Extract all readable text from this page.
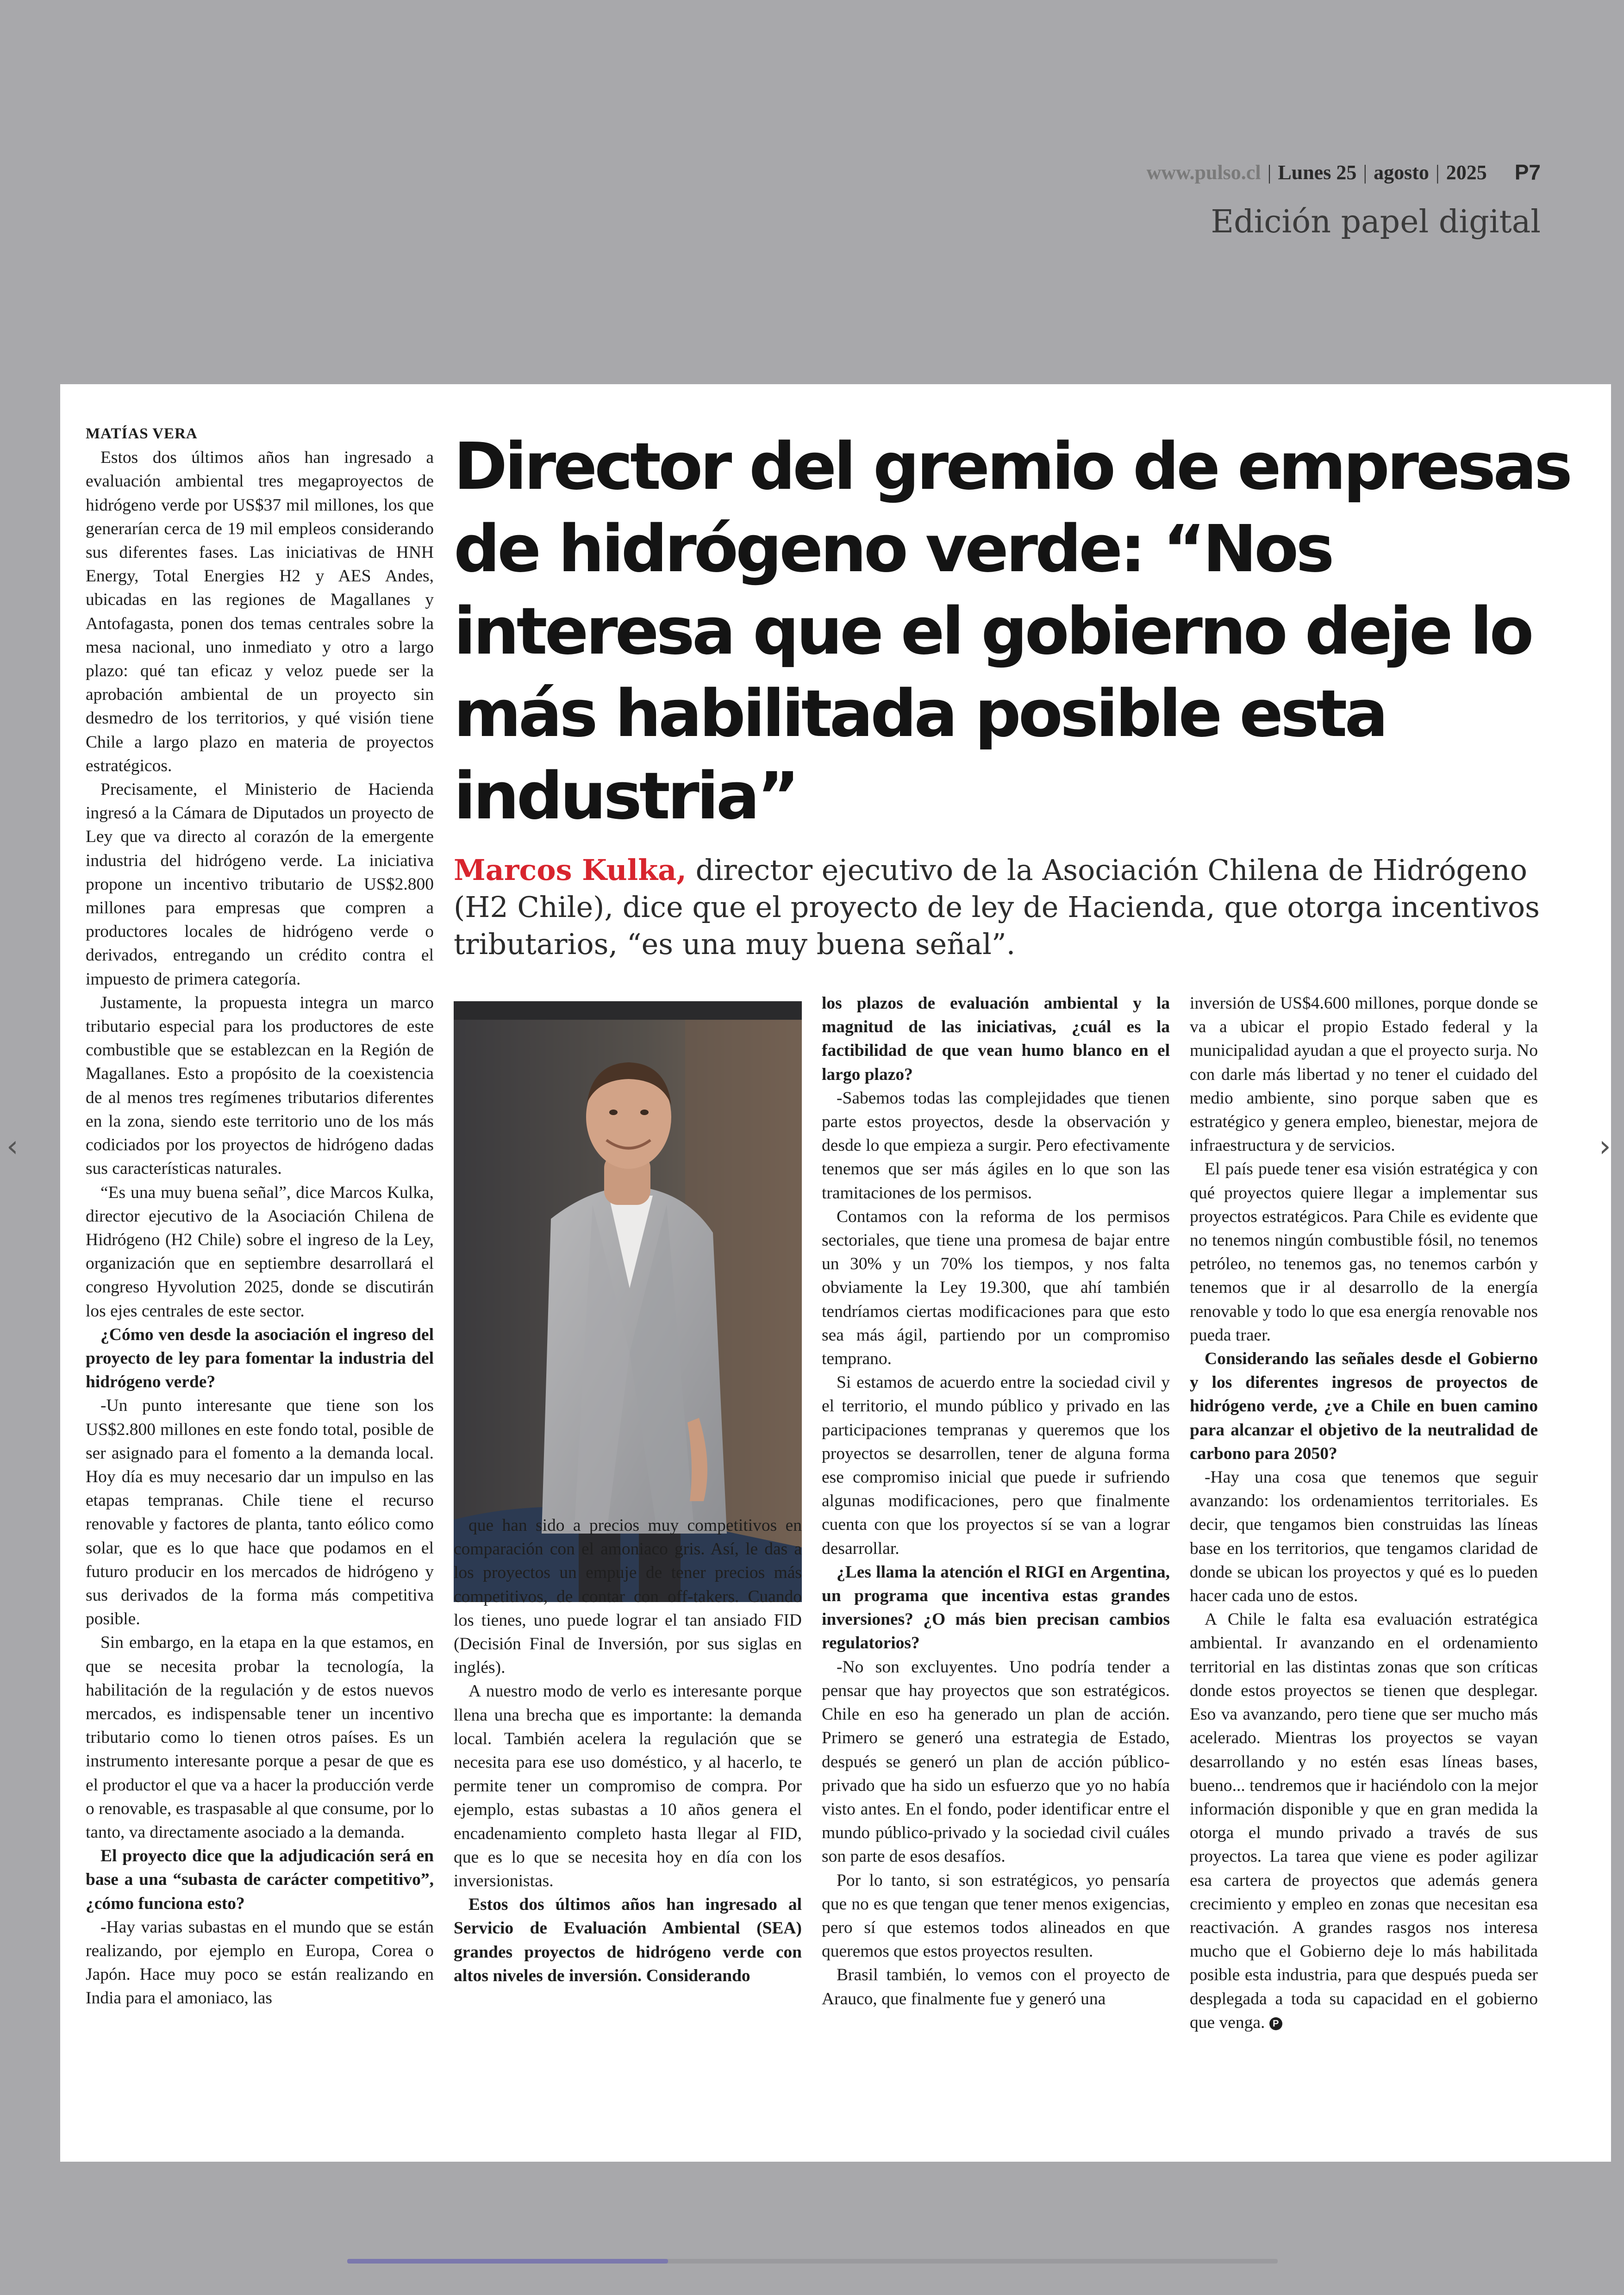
www.pulso.cl | Lunes 25 | agosto | 2025 P7
Edición papel digital

MATÍAS VERA

Estos dos últimos años han ingresado a evaluación ambiental tres megaproyectos de hidrógeno verde por US$37 mil millones, los que generarían cerca de 19 mil empleos considerando sus diferentes fases. Las iniciativas de HNH Energy, Total Energies H2 y AES Andes, ubicadas en las regiones de Magallanes y Antofagasta, ponen dos temas centrales sobre la mesa nacional, uno inmediato y otro a largo plazo: qué tan eficaz y veloz puede ser la aprobación ambiental de un proyecto sin desmedro de los territorios, y qué visión tiene Chile a largo plazo en materia de proyectos estratégicos.

Precisamente, el Ministerio de Hacienda ingresó a la Cámara de Diputados un proyecto de Ley que va directo al corazón de la emergente industria del hidrógeno verde. La iniciativa propone un incentivo tributario de US$2.800 millones para empresas que compren a productores locales de hidrógeno verde o derivados, entregando un crédito contra el impuesto de primera categoría.

Justamente, la propuesta integra un marco tributario especial para los productores de este combustible que se establezcan en la Región de Magallanes. Esto a propósito de la coexistencia de al menos tres regímenes tributarios diferentes en la zona, siendo este territorio uno de los más codiciados por los proyectos de hidrógeno dadas sus características naturales.

“Es una muy buena señal”, dice Marcos Kulka, director ejecutivo de la Asociación Chilena de Hidrógeno (H2 Chile) sobre el ingreso de la Ley, organización que en septiembre desarrollará el congreso Hyvolution 2025, donde se discutirán los ejes centrales de este sector.

¿Cómo ven desde la asociación el ingreso del proyecto de ley para fomentar la industria del hidrógeno verde?

-Un punto interesante que tiene son los US$2.800 millones en este fondo total, posible de ser asignado para el fomento a la demanda local. Hoy día es muy necesario dar un impulso en las etapas tempranas. Chile tiene el recurso renovable y factores de planta, tanto eólico como solar, que es lo que hace que podamos en el futuro producir en los mercados de hidrógeno y sus derivados de la forma más competitiva posible.

Sin embargo, en la etapa en la que estamos, en que se necesita probar la tecnología, la habilitación de la regulación y de estos nuevos mercados, es indispensable tener un incentivo tributario como lo tienen otros países. Es un instrumento interesante porque a pesar de que es el productor el que va a hacer la producción verde o renovable, es traspasable al que consume, por lo tanto, va directamente asociado a la demanda.

El proyecto dice que la adjudicación será en base a una “subasta de carácter competitivo”, ¿cómo funciona esto?

-Hay varias subastas en el mundo que se están realizando, por ejemplo en Europa, Corea o Japón. Hace muy poco se están realizando en India para el amoniaco, las

Director del gremio de empresas de hidrógeno verde: “Nos interesa que el gobierno deje lo más habilitada posible esta industria”
Marcos Kulka, director ejecutivo de la Asociación Chilena de Hidrógeno (H2 Chile), dice que el proyecto de ley de Hacienda, que otorga incentivos tributarios, “es una muy buena señal”.

que han sido a precios muy competitivos en comparación con el amoniaco gris. Así, le das a los proyectos un empuje de tener precios más competitivos, de contar con off-takers. Cuando los tienes, uno puede lograr el tan ansiado FID (Decisión Final de Inversión, por sus siglas en inglés).

A nuestro modo de verlo es interesante porque llena una brecha que es importante: la demanda local. También acelera la regulación que se necesita para ese uso doméstico, y al hacerlo, te permite tener un compromiso de compra. Por ejemplo, estas subastas a 10 años genera el encadenamiento completo hasta llegar al FID, que es lo que se necesita hoy en día con los inversionistas.

Estos dos últimos años han ingresado al Servicio de Evaluación Ambiental (SEA) grandes proyectos de hidrógeno verde con altos niveles de inversión. Considerando

los plazos de evaluación ambiental y la magnitud de las iniciativas, ¿cuál es la factibilidad de que vean humo blanco en el largo plazo?

-Sabemos todas las complejidades que tienen parte estos proyectos, desde la observación y desde lo que empieza a surgir. Pero efectivamente tenemos que ser más ágiles en lo que son las tramitaciones de los permisos.

Contamos con la reforma de los permisos sectoriales, que tiene una promesa de bajar entre un 30% y un 70% los tiempos, y nos falta obviamente la Ley 19.300, que ahí también tendríamos ciertas modificaciones para que esto sea más ágil, partiendo por un compromiso temprano.

Si estamos de acuerdo entre la sociedad civil y el territorio, el mundo público y privado en las participaciones tempranas y queremos que los proyectos se desarrollen, tener de alguna forma ese compromiso inicial que puede ir sufriendo algunas modificaciones, pero que finalmente cuenta con que los proyectos sí se van a lograr desarrollar.

¿Les llama la atención el RIGI en Argentina, un programa que incentiva estas grandes inversiones? ¿O más bien precisan cambios regulatorios?

-No son excluyentes. Uno podría tender a pensar que hay proyectos que son estratégicos. Chile en eso ha generado un plan de acción. Primero se generó una estrategia de Estado, después se generó un plan de acción público-privado que ha sido un esfuerzo que yo no había visto antes. En el fondo, poder identificar entre el mundo público-privado y la sociedad civil cuáles son parte de esos desafíos.

Por lo tanto, si son estratégicos, yo pensaría que no es que tengan que tener menos exigencias, pero sí que estemos todos alineados en que queremos que estos proyectos resulten.

Brasil también, lo vemos con el proyecto de Arauco, que finalmente fue y generó una

inversión de US$4.600 millones, porque donde se va a ubicar el propio Estado federal y la municipalidad ayudan a que el proyecto surja. No con darle más libertad y no tener el cuidado del medio ambiente, sino porque saben que es estratégico y genera empleo, bienestar, mejora de infraestructura y de servicios.

El país puede tener esa visión estratégica y con qué proyectos quiere llegar a implementar sus proyectos estratégicos. Para Chile es evidente que no tenemos ningún combustible fósil, no tenemos petróleo, no tenemos gas, no tenemos carbón y tenemos que ir al desarrollo de la energía renovable y todo lo que esa energía renovable nos pueda traer.

Considerando las señales desde el Gobierno y los diferentes ingresos de proyectos de hidrógeno verde, ¿ve a Chile en buen camino para alcanzar el objetivo de la neutralidad de carbono para 2050?

-Hay una cosa que tenemos que seguir avanzando: los ordenamientos territoriales. Es decir, que tengamos bien construidas las líneas base en los territorios, que tengamos claridad de donde se ubican los proyectos y qué es lo pueden hacer cada uno de estos.

A Chile le falta esa evaluación estratégica ambiental. Ir avanzando en el ordenamiento territorial en las distintas zonas que son críticas donde estos proyectos se tienen que desplegar. Eso va avanzando, pero tiene que ser mucho más acelerado. Mientras los proyectos se vayan desarrollando y no estén esas líneas bases, bueno... tendremos que ir haciéndolo con la mejor información disponible y que en gran medida la otorga el mundo privado a través de sus proyectos. La tarea que viene es poder agilizar esa cartera de proyectos que además genera crecimiento y empleo en zonas que necesitan esa reactivación. A grandes rasgos nos interesa mucho que el Gobierno deje lo más habilitada posible esta industria, para que después pueda ser desplegada a toda su capacidad en el gobierno que venga. P

‹	›
